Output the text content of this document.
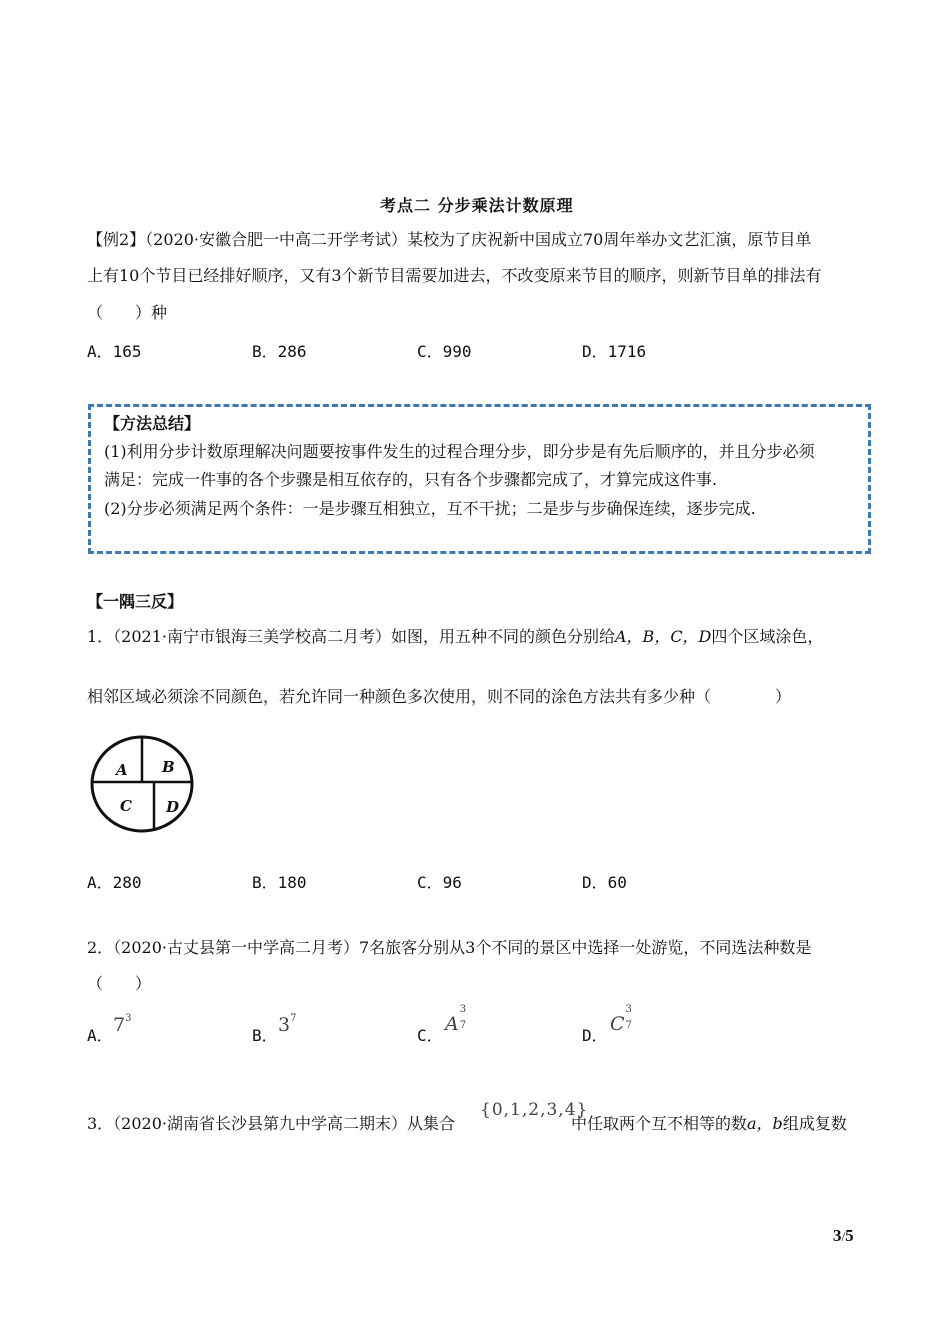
考点二 分步乘法计数原理
【例2】（2020·安徽合肥一中高二开学考试）某校为了庆祝新中国成立70周年举办文艺汇演，原节目单
上有10个节目已经排好顺序，又有3个新节目需要加进去，不改变原来节目的顺序，则新节目单的排法有
（　　）种
A．165	B．286	C．990	D．1716
【方法总结】
(1)利用分步计数原理解决问题要按事件发生的过程合理分步，即分步是有先后顺序的，并且分步必须
满足：完成一件事的各个步骤是相互依存的，只有各个步骤都完成了，才算完成这件事.
(2)分步必须满足两个条件：一是步骤互相独立，互不干扰；二是步与步确保连续，逐步完成.
【一隅三反】
1．（2021·南宁市银海三美学校高二月考）如图，用五种不同的颜色分别给A，B，C，D四个区域涂色，
相邻区域必须涂不同颜色，若允许同一种颜色多次使用，则不同的涂色方法共有多少种（　　　　）
A B
C D
A．280	B．180	C．96	D．60
2．（2020·古丈县第一中学高二月考）7名旅客分别从3个不同的景区中选择一处游览，不同选法种数是
（　　）
A． $7^3$
B． $3^7$
C．
A
3
7
D．
C
3
7
3．（2020·湖南省长沙县第九中学高二期末）从集合
{0,1,2,3,4}
中任取两个互不相等的数a，b组成复数
3/5
